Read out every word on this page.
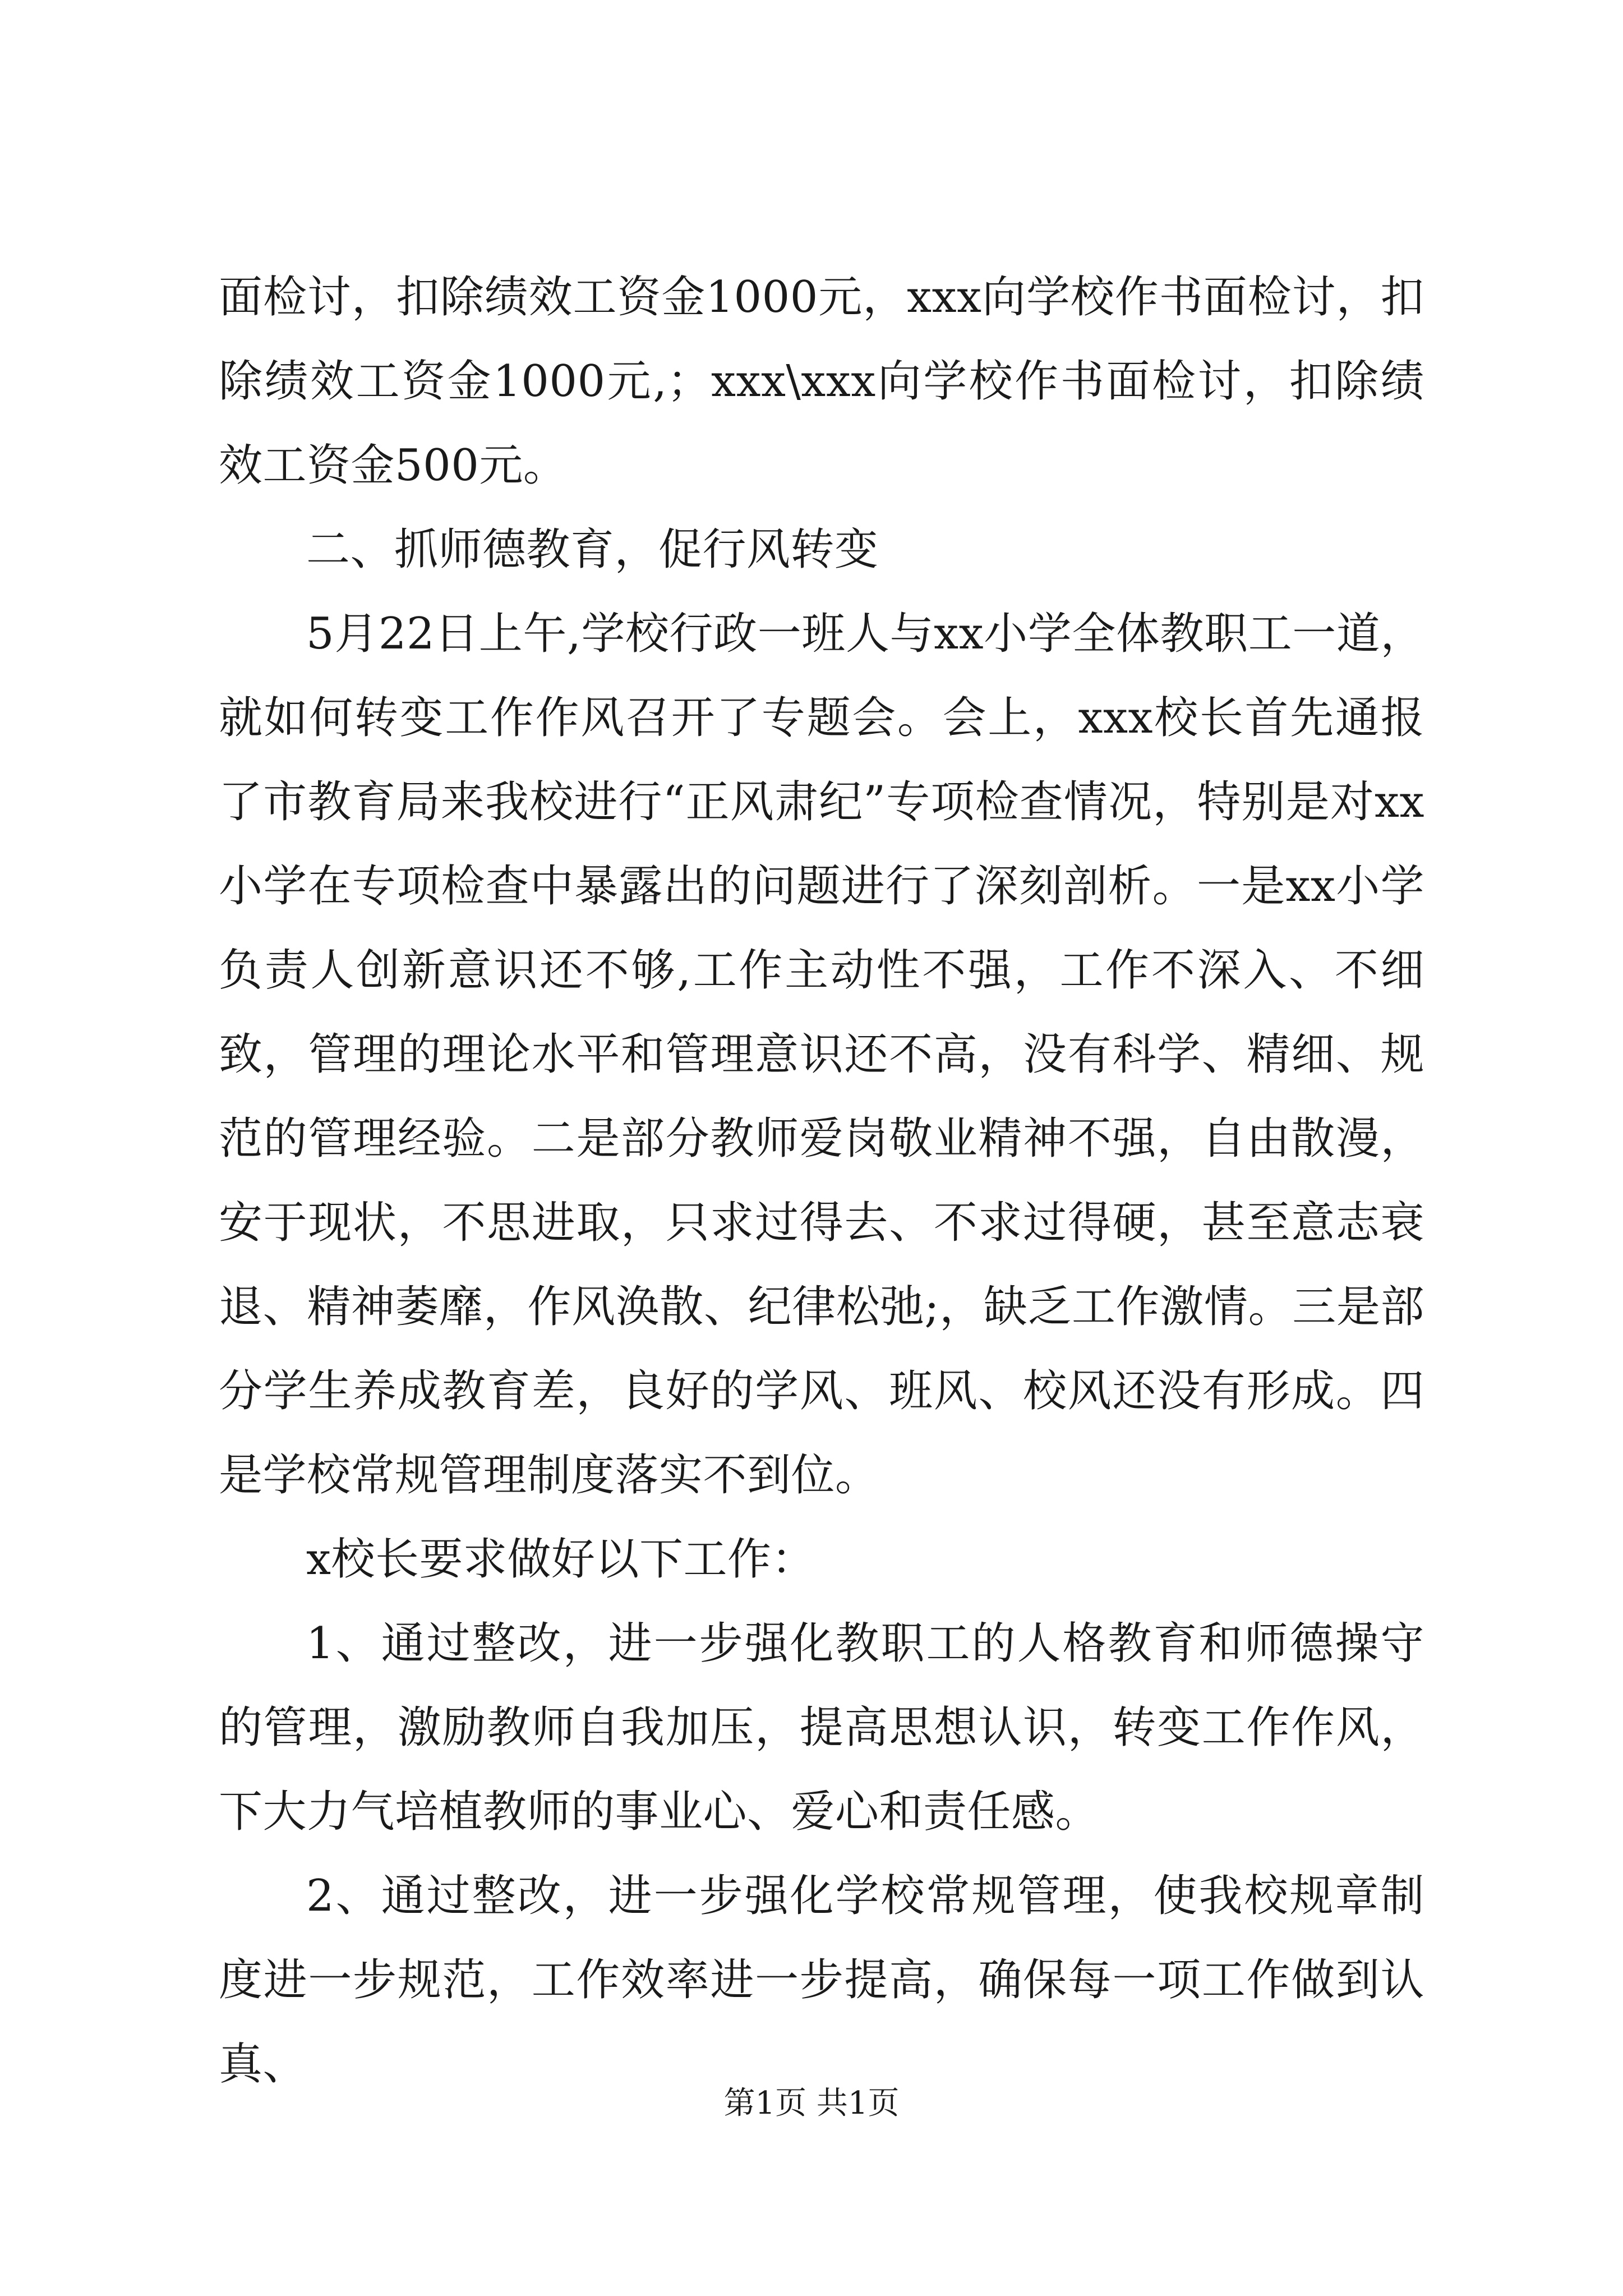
面检讨，扣除绩效工资金1000元，xxx向学校作书面检讨，扣除绩效工资金1000元,；xxx\xxx向学校作书面检讨，扣除绩效工资金500元。

二、抓师德教育，促行风转变

5月22日上午,学校行政一班人与xx小学全体教职工一道，就如何转变工作作风召开了专题会。会上，xxx校长首先通报了市教育局来我校进行“正风肃纪”专项检查情况，特别是对xx小学在专项检查中暴露出的问题进行了深刻剖析。一是xx小学负责人创新意识还不够,工作主动性不强，工作不深入、不细致，管理的理论水平和管理意识还不高，没有科学、精细、规范的管理经验。二是部分教师爱岗敬业精神不强，自由散漫，安于现状，不思进取，只求过得去、不求过得硬，甚至意志衰退、精神萎靡，作风涣散、纪律松弛;，缺乏工作激情。三是部分学生养成教育差，良好的学风、班风、校风还没有形成。四是学校常规管理制度落实不到位。

x校长要求做好以下工作：

1、通过整改，进一步强化教职工的人格教育和师德操守的管理，激励教师自我加压，提高思想认识，转变工作作风，下大力气培植教师的事业心、爱心和责任感。

2、通过整改，进一步强化学校常规管理，使我校规章制度进一步规范，工作效率进一步提高，确保每一项工作做到认真、

第1页 共1页
